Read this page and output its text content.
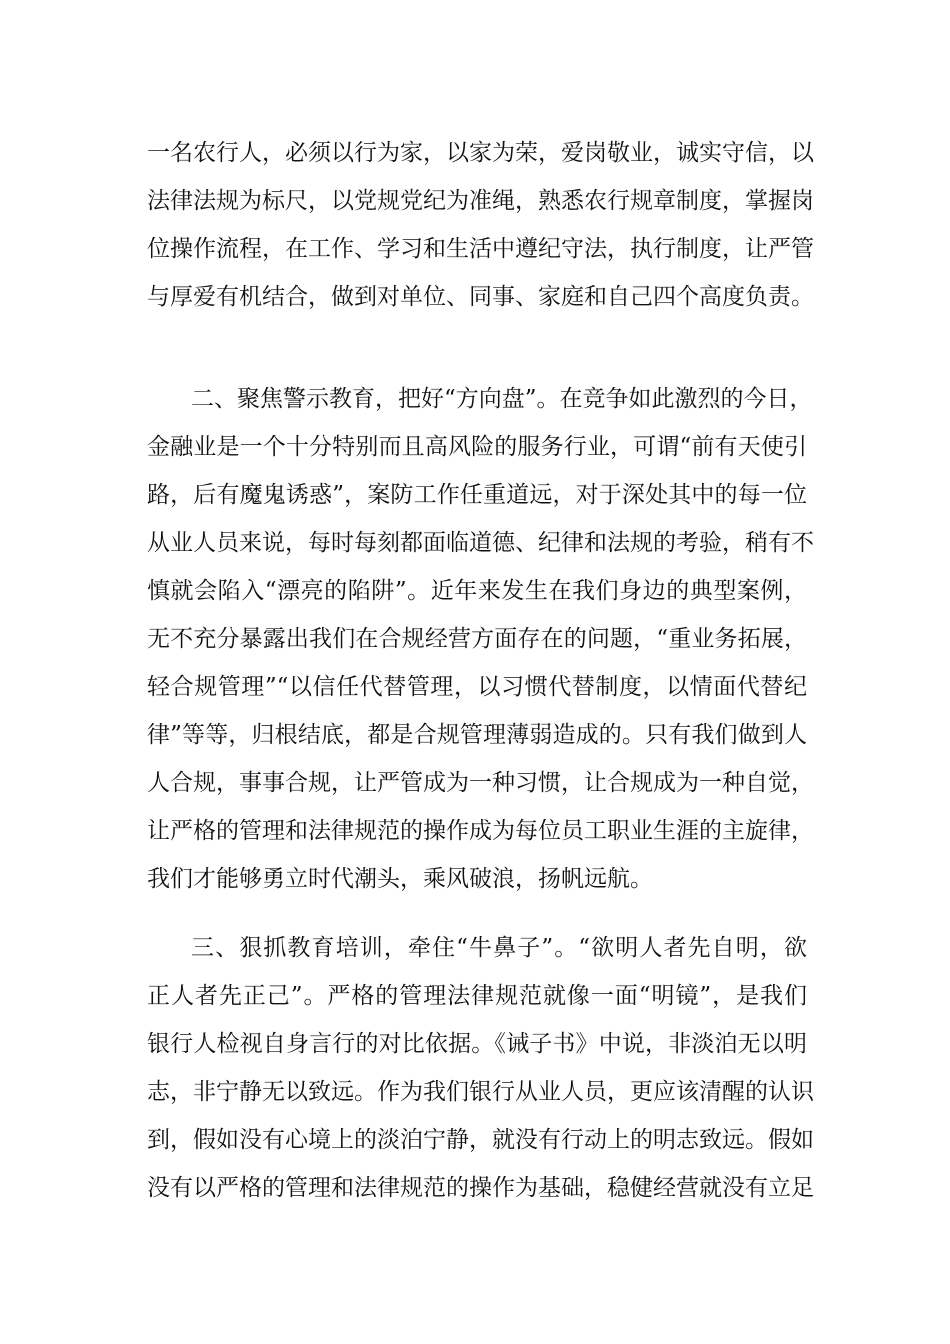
一名农行人，必须以行为家，以家为荣，爱岗敬业，诚实守信，以
法律法规为标尺，以党规党纪为准绳，熟悉农行规章制度，掌握岗
位操作流程，在工作、学习和生活中遵纪守法，执行制度，让严管
与厚爱有机结合，做到对单位、同事、家庭和自己四个高度负责。
二、聚焦警示教育，把好“方向盘”。在竞争如此激烈的今日，
金融业是一个十分特别而且高风险的服务行业，可谓“前有天使引
路，后有魔鬼诱惑”，案防工作任重道远，对于深处其中的每一位
从业人员来说，每时每刻都面临道德、纪律和法规的考验，稍有不
慎就会陷入“漂亮的陷阱”。近年来发生在我们身边的典型案例，
无不充分暴露出我们在合规经营方面存在的问题，“重业务拓展，
轻合规管理”“以信任代替管理，以习惯代替制度，以情面代替纪
律”等等，归根结底，都是合规管理薄弱造成的。只有我们做到人
人合规，事事合规，让严管成为一种习惯，让合规成为一种自觉，
让严格的管理和法律规范的操作成为每位员工职业生涯的主旋律，
我们才能够勇立时代潮头，乘风破浪，扬帆远航。
三、狠抓教育培训，牵住“牛鼻子”。“欲明人者先自明，欲
正人者先正己”。严格的管理法律规范就像一面“明镜”，是我们
银行人检视自身言行的对比依据。《诫子书》中说，非淡泊无以明
志，非宁静无以致远。作为我们银行从业人员，更应该清醒的认识
到，假如没有心境上的淡泊宁静，就没有行动上的明志致远。假如
没有以严格的管理和法律规范的操作为基础，稳健经营就没有立足
